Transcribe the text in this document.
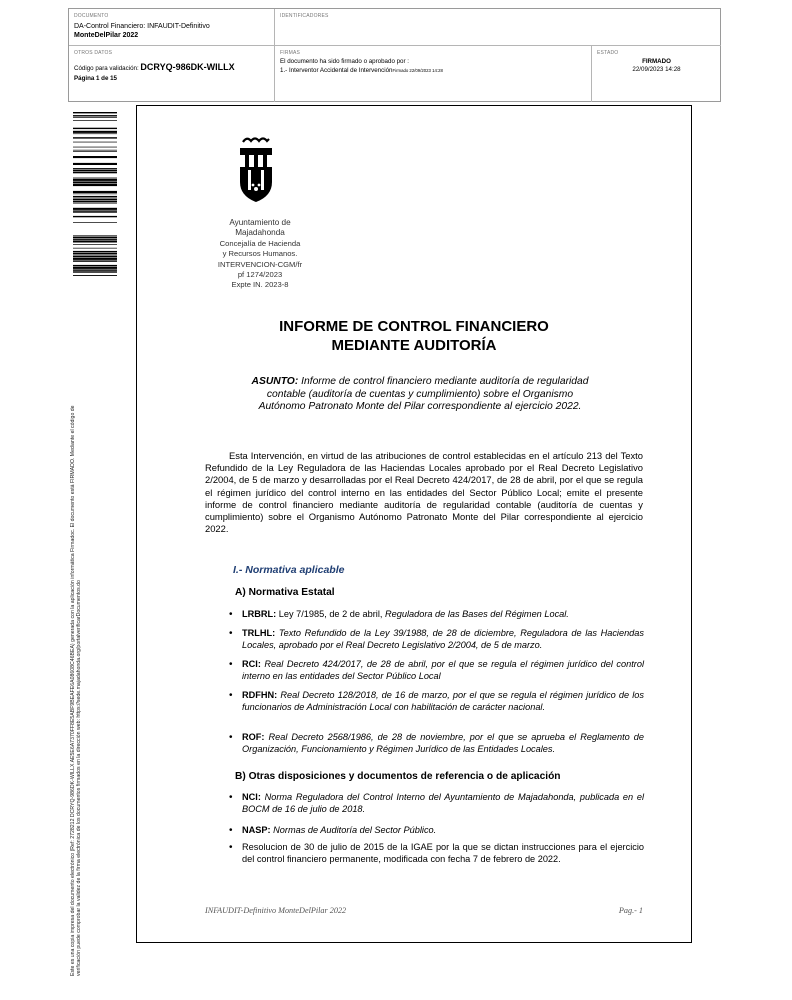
DOCUMENTO
DA-Control Financiero: INFAUDIT-Definitivo
MonteDelPilar 2022
IDENTIFICADORES
OTROS DATOS
Código para validación: DCRYQ-986DK-WILLX
Página 1 de 15
FIRMAS
El documento ha sido firmado o aprobado por :
1.- Interventor Accidental de IntervenciónFirmado 22/09/2023 14:28
ESTADO
FIRMADO
22/09/2023 14:28
Este es una copia impresa del documento electrónico (Ref: 2728212 DCRYQ-986DK-WILLX AE5E6A7370FF8E5ABF9BEAFE6A08608C46BEA) generada con la aplicación informática Firmadoc. El documento está FIRMADO. Mediante el código de verificación puede comprobar la validez de la firma electrónica de los documentos firmados en la dirección web: https://sede.majadahonda.org/portalverificarDocumentos.do
Ayuntamiento de
Majadahonda
Concejalía de Hacienda
y Recursos Humanos.
INTERVENCION-CGM/fr
pf 1274/2023
Expte IN. 2023-8
INFORME DE CONTROL FINANCIERO
MEDIANTE AUDITORÍA
ASUNTO: Informe de control financiero mediante auditoría de regularidad contable (auditoría de cuentas y cumplimiento) sobre el Organismo Autónomo Patronato Monte del Pilar correspondiente al ejercicio 2022.
Esta Intervención, en virtud de las atribuciones de control establecidas en el artículo 213 del Texto Refundido de la Ley Reguladora de las Haciendas Locales aprobado por el Real Decreto Legislativo 2/2004, de 5 de marzo y desarrolladas por el Real Decreto 424/2017, de 28 de abril, por el que se regula el régimen jurídico del control interno en las entidades del Sector Público Local; emite el presente informe de control financiero mediante auditoría de regularidad contable (auditoría de cuentas y cumplimiento) sobre el Organismo Autónomo Patronato Monte del Pilar correspondiente al ejercicio 2022.
I.- Normativa aplicable
A) Normativa Estatal
• LRBRL: Ley 7/1985, de 2 de abril, Reguladora de las Bases del Régimen Local.
• TRLHL: Texto Refundido de la Ley 39/1988, de 28 de diciembre, Reguladora de las Haciendas Locales, aprobado por el Real Decreto Legislativo 2/2004, de 5 de marzo.
• RCI: Real Decreto 424/2017, de 28 de abril, por el que se regula el régimen jurídico del control interno en las entidades del Sector Público Local
• RDFHN: Real Decreto 128/2018, de 16 de marzo, por el que se regula el régimen jurídico de los funcionarios de Administración Local con habilitación de carácter nacional.
• ROF: Real Decreto 2568/1986, de 28 de noviembre, por el que se aprueba el Reglamento de Organización, Funcionamiento y Régimen Jurídico de las Entidades Locales.
B) Otras disposiciones y documentos de referencia o de aplicación
• NCI: Norma Reguladora del Control Interno del Ayuntamiento de Majadahonda, publicada en el BOCM de 16 de julio de 2018.
• NASP: Normas de Auditoría del Sector Público.
• Resolucion de 30 de julio de 2015 de la IGAE por la que se dictan instrucciones para el ejercicio del control financiero permanente, modificada con fecha 7 de febrero de 2022.
INFAUDIT-Definitivo MonteDelPilar 2022	Pag.- 1
